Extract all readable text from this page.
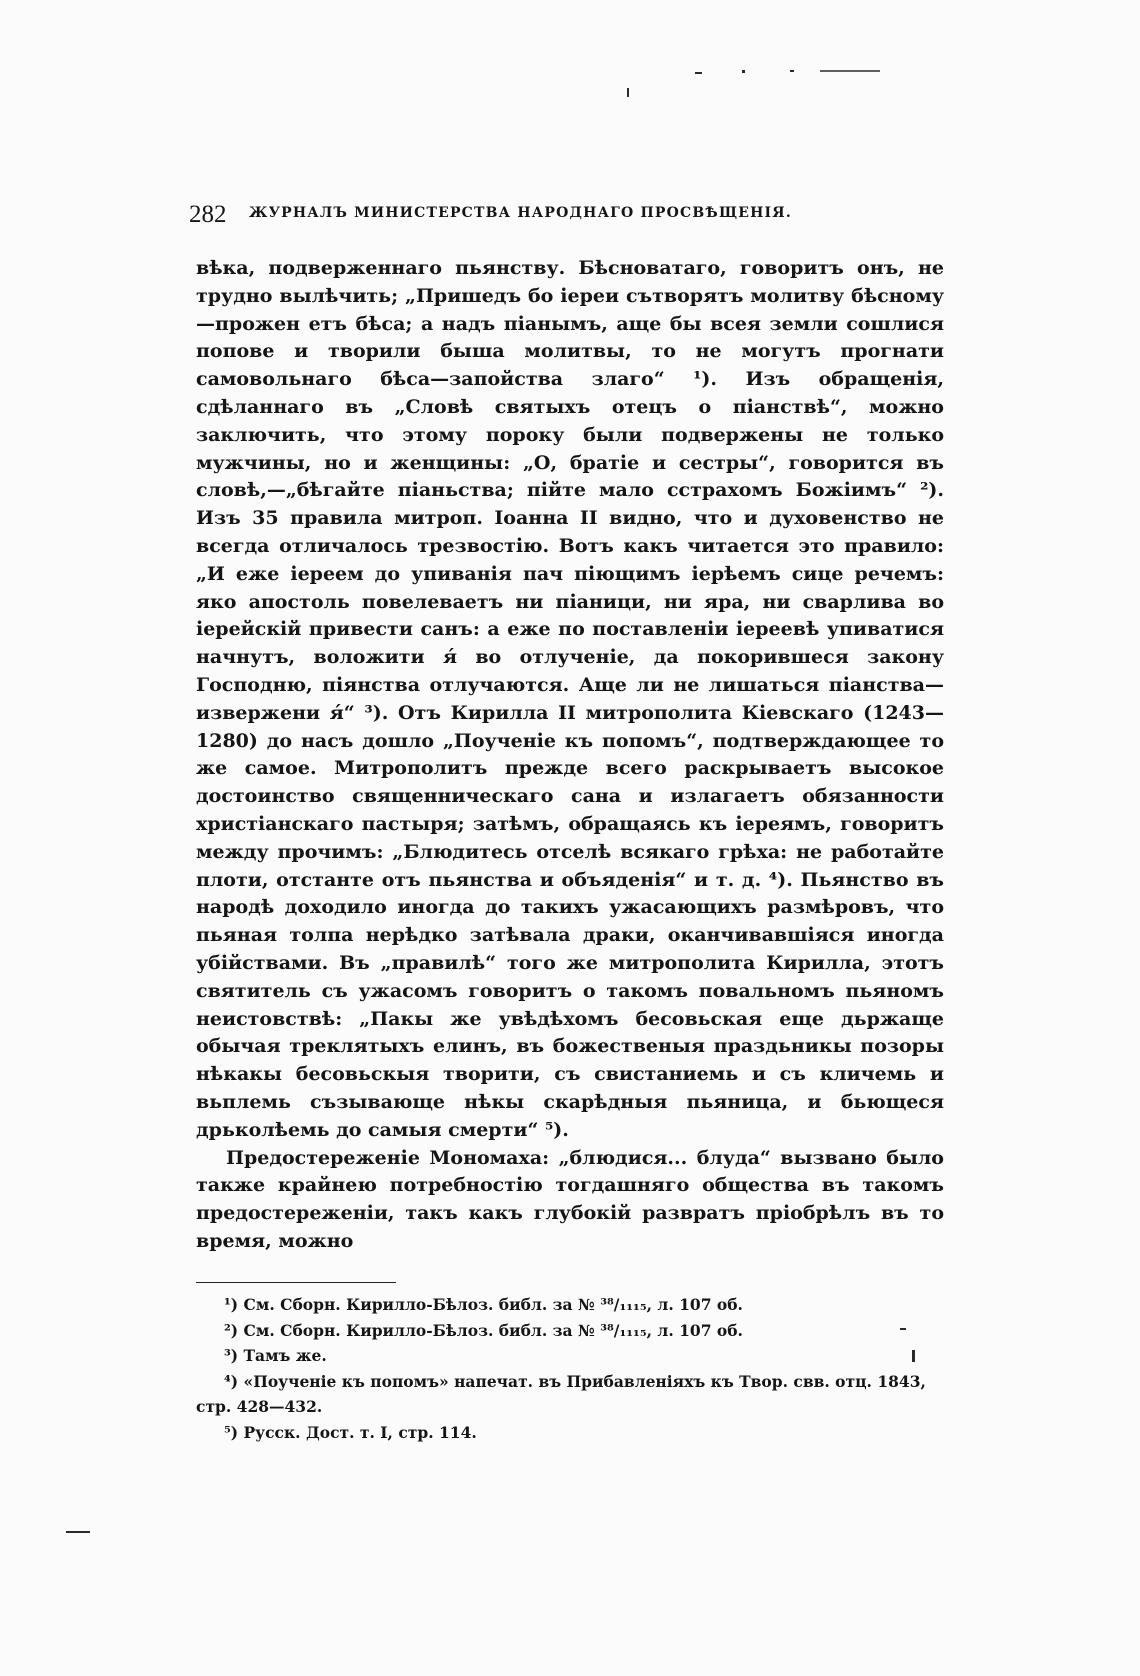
282 ЖУРНАЛЪ МИНИСТЕРСТВА НАРОДНАГО ПРОСВѢЩЕНІЯ.

вѣка, подверженнаго пьянству. Бѣсноватаго, говоритъ онъ, не трудно вылѣчить; „Пришедъ бо іереи сътворятъ молитву бѣсному—прожен етъ бѣса; а надъ піанымъ, аще бы всея земли сошлися попове и творили быша молитвы, то не могутъ прогнати самовольнаго бѣса—запойства злаго“ ¹). Изъ обращенія, сдѣланнаго въ „Словѣ святыхъ отецъ о піанствѣ“, можно заключить, что этому пороку были подвержены не только мужчины, но и женщины: „О, братіе и сестры“, говорится въ словѣ,—„бѣгайте піаньства; пійте мало сстрахомъ Божіимъ“ ²). Изъ 35 правила митроп. Іоанна II видно, что и духовенство не всегда отличалось трезвостію. Вотъ какъ читается это правило: „И еже іереем до упиванія пач піющимъ іерѣемъ сице речемъ: яко апостоль повелеваетъ ни піаници, ни яра, ни сварлива во іерейскій привести санъ: а еже по поставленіи іереевѣ упиватися начнутъ, воложити я́ во отлученіе, да покорившеся закону Господню, піянства отлучаются. Аще ли не лишаться піанства—извержени я́“ ³). Отъ Кирилла II митрополита Кіевскаго (1243—1280) до насъ дошло „Поученіе къ попомъ“, подтверждающее то же самое. Митрополитъ прежде всего раскрываетъ высокое достоинство священническаго сана и излагаетъ обязанности христіанскаго пастыря; затѣмъ, обращаясь къ іереямъ, говоритъ между прочимъ: „Блюдитесь отселѣ всякаго грѣха: не работайте плоти, отстанте отъ пьянства и объяденія“ и т. д. ⁴). Пьянство въ народѣ доходило иногда до такихъ ужасающихъ размѣровъ, что пьяная толпа нерѣдко затѣвала драки, оканчивавшіяся иногда убійствами. Въ „правилѣ“ того же митрополита Кирилла, этотъ святитель съ ужасомъ говоритъ о такомъ повальномъ пьяномъ неистовствѣ: „Пакы же увѣдѣхомъ бесовьская еще дьржаще обычая треклятыхъ елинъ, въ божественыя праздьникы позоры нѣкакы бесовьскыя творити, съ свистаниемь и съ кличемь и вьплемь съзывающе нѣкы скарѣдныя пьяница, и бьющеся дрьколѣемь до самыя смерти“ ⁵).

Предостереженіе Мономаха: „блюдися... блуда“ вызвано было также крайнею потребностію тогдашняго общества въ такомъ предостереженіи, такъ какъ глубокій развратъ пріобрѣлъ въ то время, можно

¹) См. Сборн. Кирилло-Бѣлоз. библ. за № ³⁸/₁₁₁₅, л. 107 об.

²) См. Сборн. Кирилло-Бѣлоз. библ. за № ³⁸/₁₁₁₅, л. 107 об.

³) Тамъ же.

⁴) «Поученіе къ попомъ» напечат. въ Прибавленіяхъ къ Твор. свв. отц. 1843, стр. 428—432.

⁵) Русск. Дост. т. I, стр. 114.
